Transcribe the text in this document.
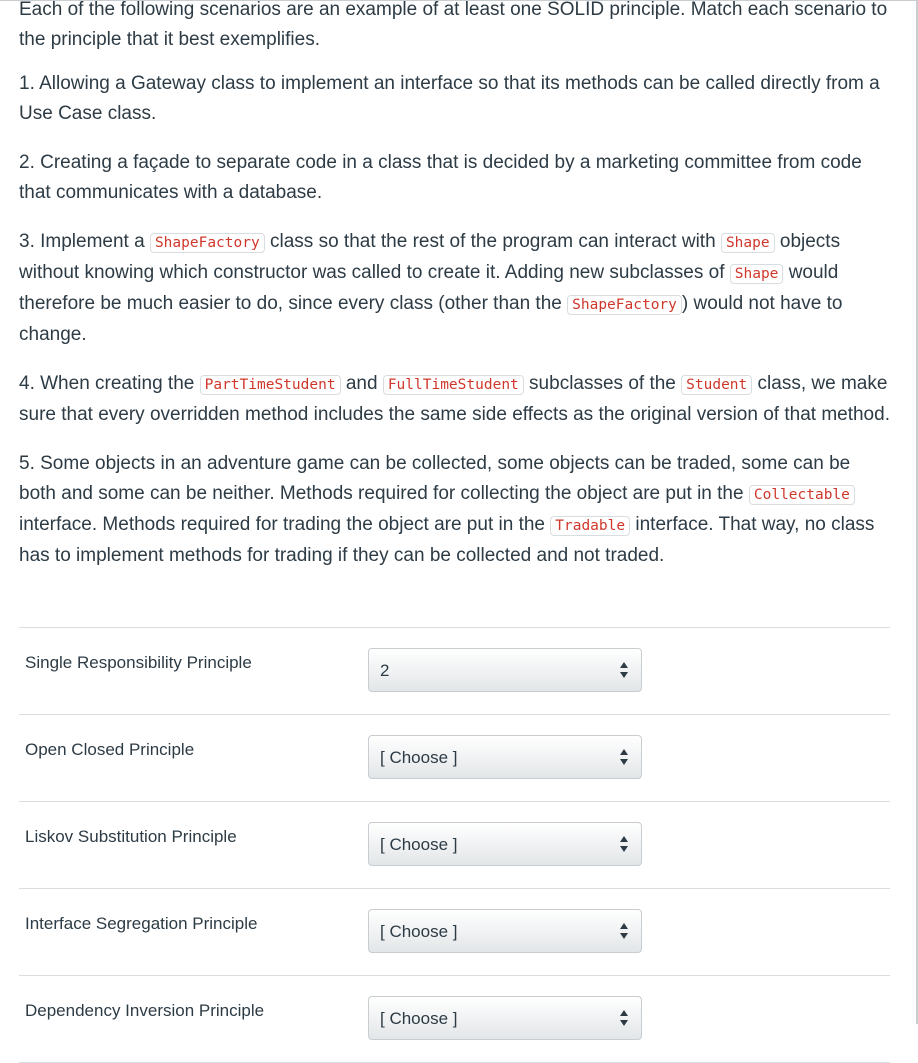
Each of the following scenarios are an example of at least one SOLID principle. Match each scenario to the principle that it best exemplifies.

1. Allowing a Gateway class to implement an interface so that its methods can be called directly from a Use Case class.

2. Creating a façade to separate code in a class that is decided by a marketing committee from code that communicates with a database.

3. Implement a ShapeFactory class so that the rest of the program can interact with Shape objects without knowing which constructor was called to create it. Adding new subclasses of Shape would therefore be much easier to do, since every class (other than the ShapeFactory ) would not have to change.

4. When creating the PartTimeStudent and FullTimeStudent subclasses of the Student class, we make sure that every overridden method includes the same side effects as the original version of that method.

5. Some objects in an adventure game can be collected, some objects can be traded, some can be both and some can be neither. Methods required for collecting the object are put in the Collectable interface. Methods required for trading the object are put in the Tradable interface. That way, no class has to implement methods for trading if they can be collected and not traded.

Single Responsibility Principle	2
Open Closed Principle	[ Choose ]
Liskov Substitution Principle	[ Choose ]
Interface Segregation Principle	[ Choose ]
Dependency Inversion Principle	[ Choose ]
